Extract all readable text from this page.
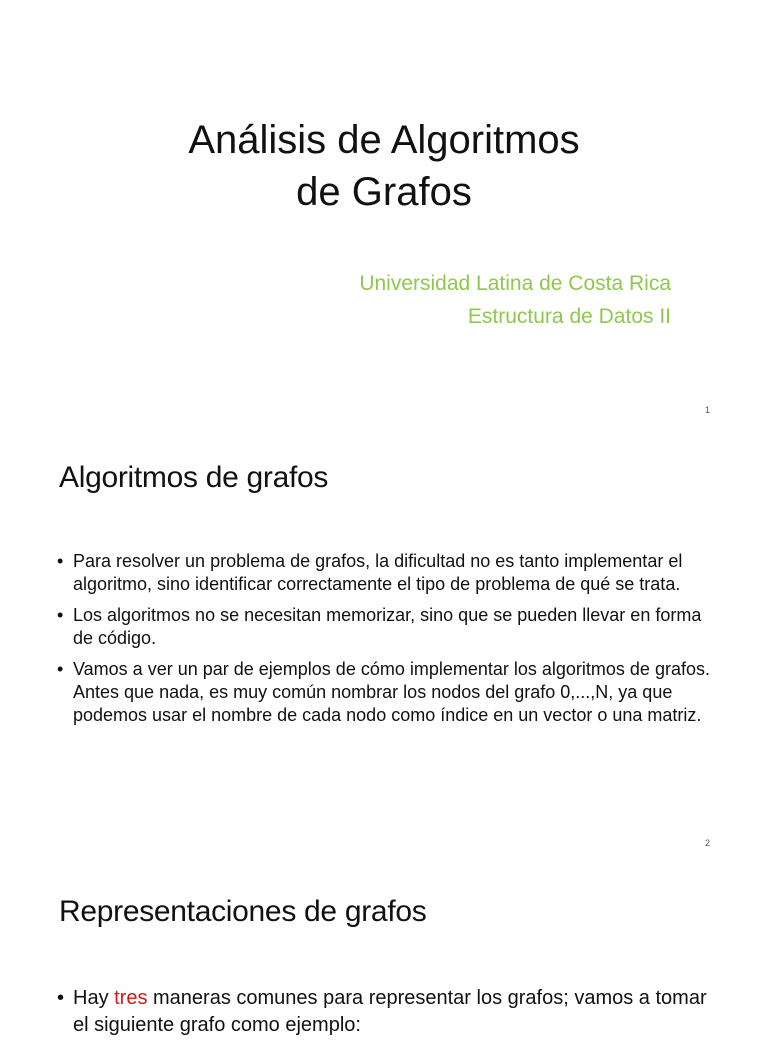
Análisis de Algoritmos
de Grafos
Universidad Latina de Costa Rica
Estructura de Datos II
1
Algoritmos de grafos
• Para resolver un problema de grafos, la dificultad no es tanto implementar el algoritmo, sino identificar correctamente el tipo de problema de qué se trata.
• Los algoritmos no se necesitan memorizar, sino que se pueden llevar en forma de código.
• Vamos a ver un par de ejemplos de cómo implementar los algoritmos de grafos. Antes que nada, es muy común nombrar los nodos del grafo 0,...,N, ya que podemos usar el nombre de cada nodo como índice en un vector o una matriz.
2
Representaciones de grafos
• Hay tres maneras comunes para representar los grafos; vamos a tomar el siguiente grafo como ejemplo:
